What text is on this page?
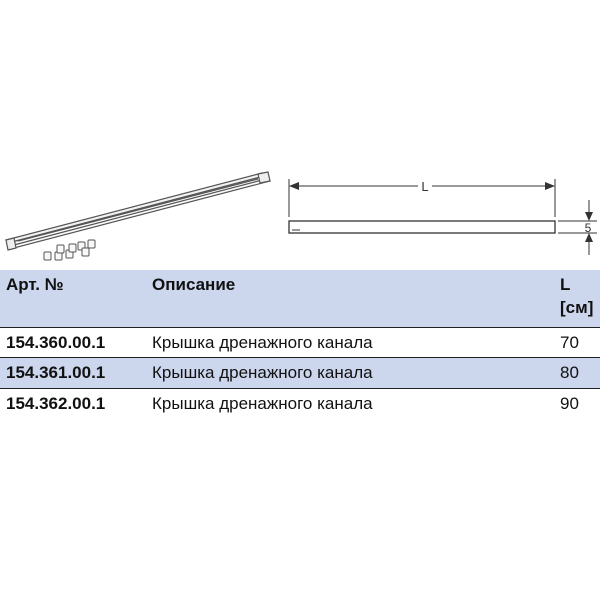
L
5
Арт. №	Описание	L
[см]
154.360.00.1	Крышка дренажного канала	70
154.361.00.1	Крышка дренажного канала	80
154.362.00.1	Крышка дренажного канала	90
